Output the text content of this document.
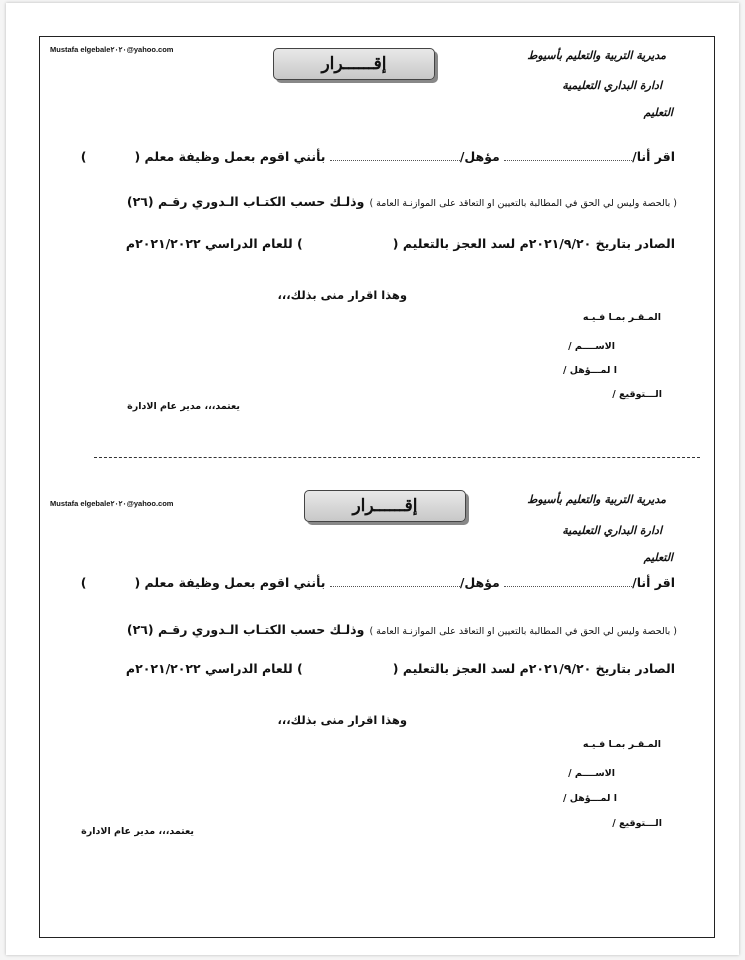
Mustafa elgebale٢٠٢٠@yahoo.com
إقــــــرار	مديرية التربية والتعليم بأسيوط
ادارة البداري التعليمية
التعليم
اقر أنا/ مؤهل/ بأنني اقوم بعمل وظيفة معلم ()
( بالحصة وليس لي الحق في المطالبة بالتعيين او التعاقد على الموازنـة العامة ) وذلـك حسب الكتـاب الـدوري رقـم (٢٦)
الصادر بتاريخ ٢٠٢١/٩/٢٠م لسد العجز بالتعليم () للعام الدراسي ٢٠٢١/٢٠٢٢م
وهذا اقرار منى بذلك،،،
المـقـر بمـا فـيـه
الاســــم /
ا لمـــؤهل /
الـــتوقيع /
يعتمد،،، مدير عام الادارة
Mustafa elgebale٢٠٢٠@yahoo.com	إقــــــرار	مديرية التربية والتعليم بأسيوط
ادارة البداري التعليمية
التعليم
اقر أنا/ مؤهل/ بأنني اقوم بعمل وظيفة معلم ()
( بالحصة وليس لي الحق في المطالبة بالتعيين او التعاقد على الموازنـة العامة ) وذلـك حسب الكتـاب الـدوري رقـم (٢٦)
الصادر بتاريخ ٢٠٢١/٩/٢٠م لسد العجز بالتعليم () للعام الدراسي ٢٠٢١/٢٠٢٢م
وهذا اقرار منى بذلك،،،
المـقـر بمـا فـيـه
الاســــم /
ا لمـــؤهل /
الـــتوقيع /
يعتمد،،، مدير عام الادارة
